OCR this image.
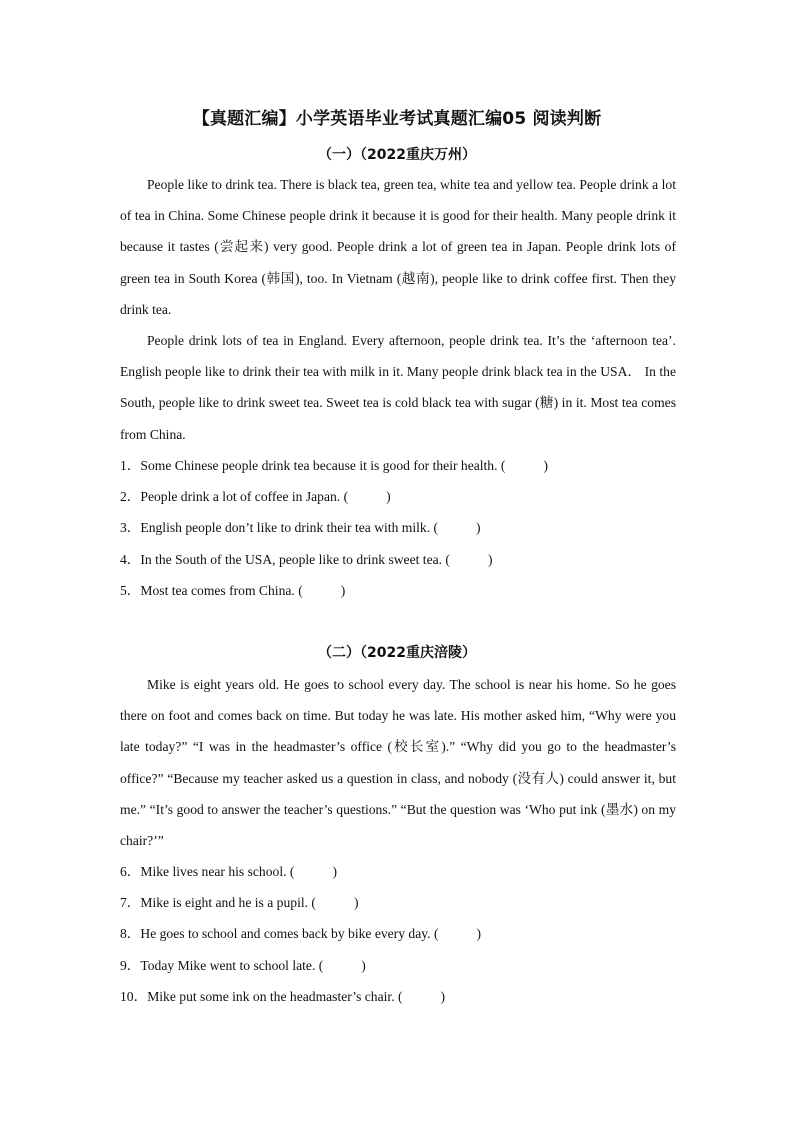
【真题汇编】小学英语毕业考试真题汇编05 阅读判断
（一）（2022重庆万州）

People like to drink tea. There is black tea, green tea, white tea and yellow tea. People drink a lot of tea in China. Some Chinese people drink it because it is good for their health. Many people drink it because it tastes (尝起来) very good. People drink a lot of green tea in Japan. People drink lots of green tea in South Korea (韩国), too. In Vietnam (越南), people like to drink coffee first. Then they drink tea.

People drink lots of tea in England. Every afternoon, people drink tea. It’s the ‘afternoon tea’. English people like to drink their tea with milk in it. Many people drink black tea in the USA． In the South, people like to drink sweet tea. Sweet tea is cold black tea with sugar (糖) in it. Most tea comes from China.

1．Some Chinese people drink tea because it is good for their health. (	)
2．People drink a lot of coffee in Japan. (	)
3．English people don’t like to drink their tea with milk. (	)
4．In the South of the USA, people like to drink sweet tea. (	)
5．Most tea comes from China. (	)
（二）（2022重庆涪陵）

Mike is eight years old. He goes to school every day. The school is near his home. So he goes there on foot and comes back on time. But today he was late. His mother asked him, “Why were you late today?” “I was in the headmaster’s office (校长室).” “Why did you go to the headmaster’s office?” “Because my teacher asked us a question in class, and nobody (没有人) could answer it, but me.” “It’s good to answer the teacher’s questions.” “But the question was ‘Who put ink (墨水) on my chair?’”

6．Mike lives near his school. (	)
7．Mike is eight and he is a pupil. (	)
8．He goes to school and comes back by bike every day. (	)
9．Today Mike went to school late. (	)
10．Mike put some ink on the headmaster’s chair. (	)
